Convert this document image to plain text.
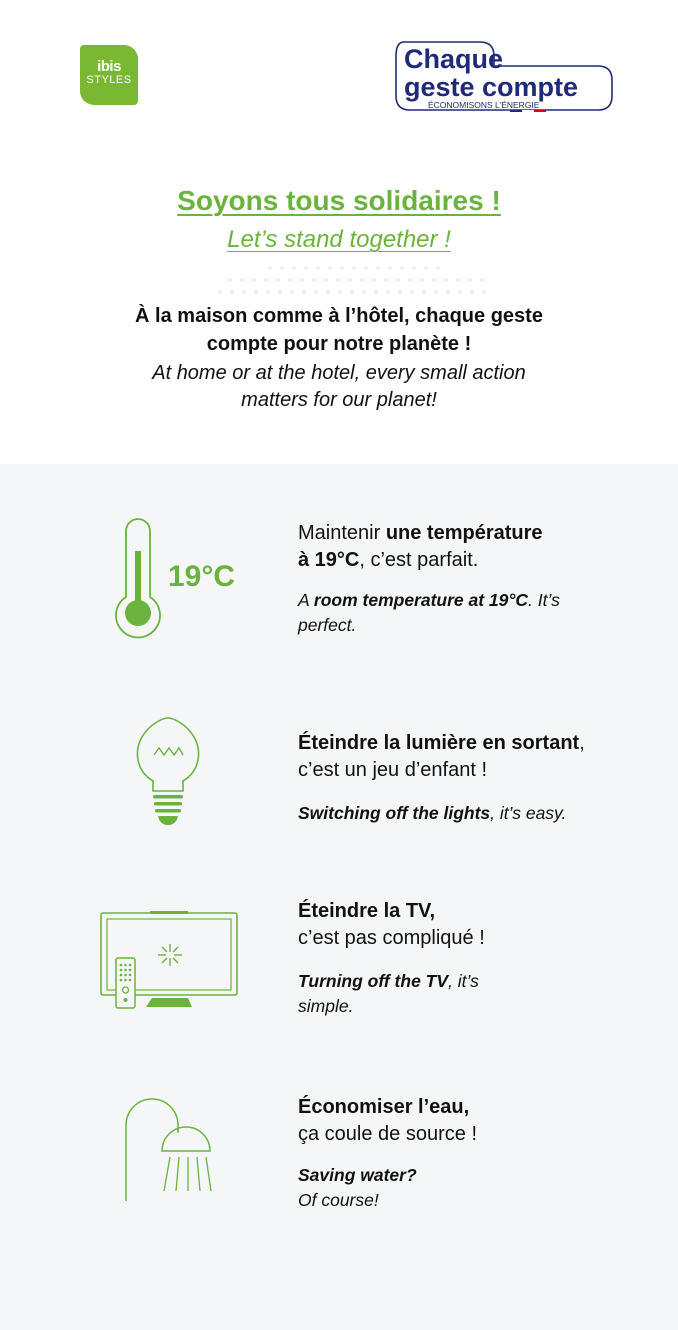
ibis
STYLES
Chaque
geste compte
ÉCONOMISONS L’ÉNERGIE
Soyons tous solidaires !
Let’s stand together !
À la maison comme à l’hôtel, chaque geste
compte pour notre planète !
At home or at the hotel, every small action
matters for our planet!
19°C
Maintenir une température
à 19°C, c’est parfait.
A room temperature at 19°C. It’s
perfect.
Éteindre la lumière en sortant,
c’est un jeu d’enfant !
Switching off the lights, it’s easy.
Éteindre la TV,
c’est pas compliqué !
Turning off the TV, it’s
simple.
Économiser l’eau,
ça coule de source !
Saving water?
Of course!
